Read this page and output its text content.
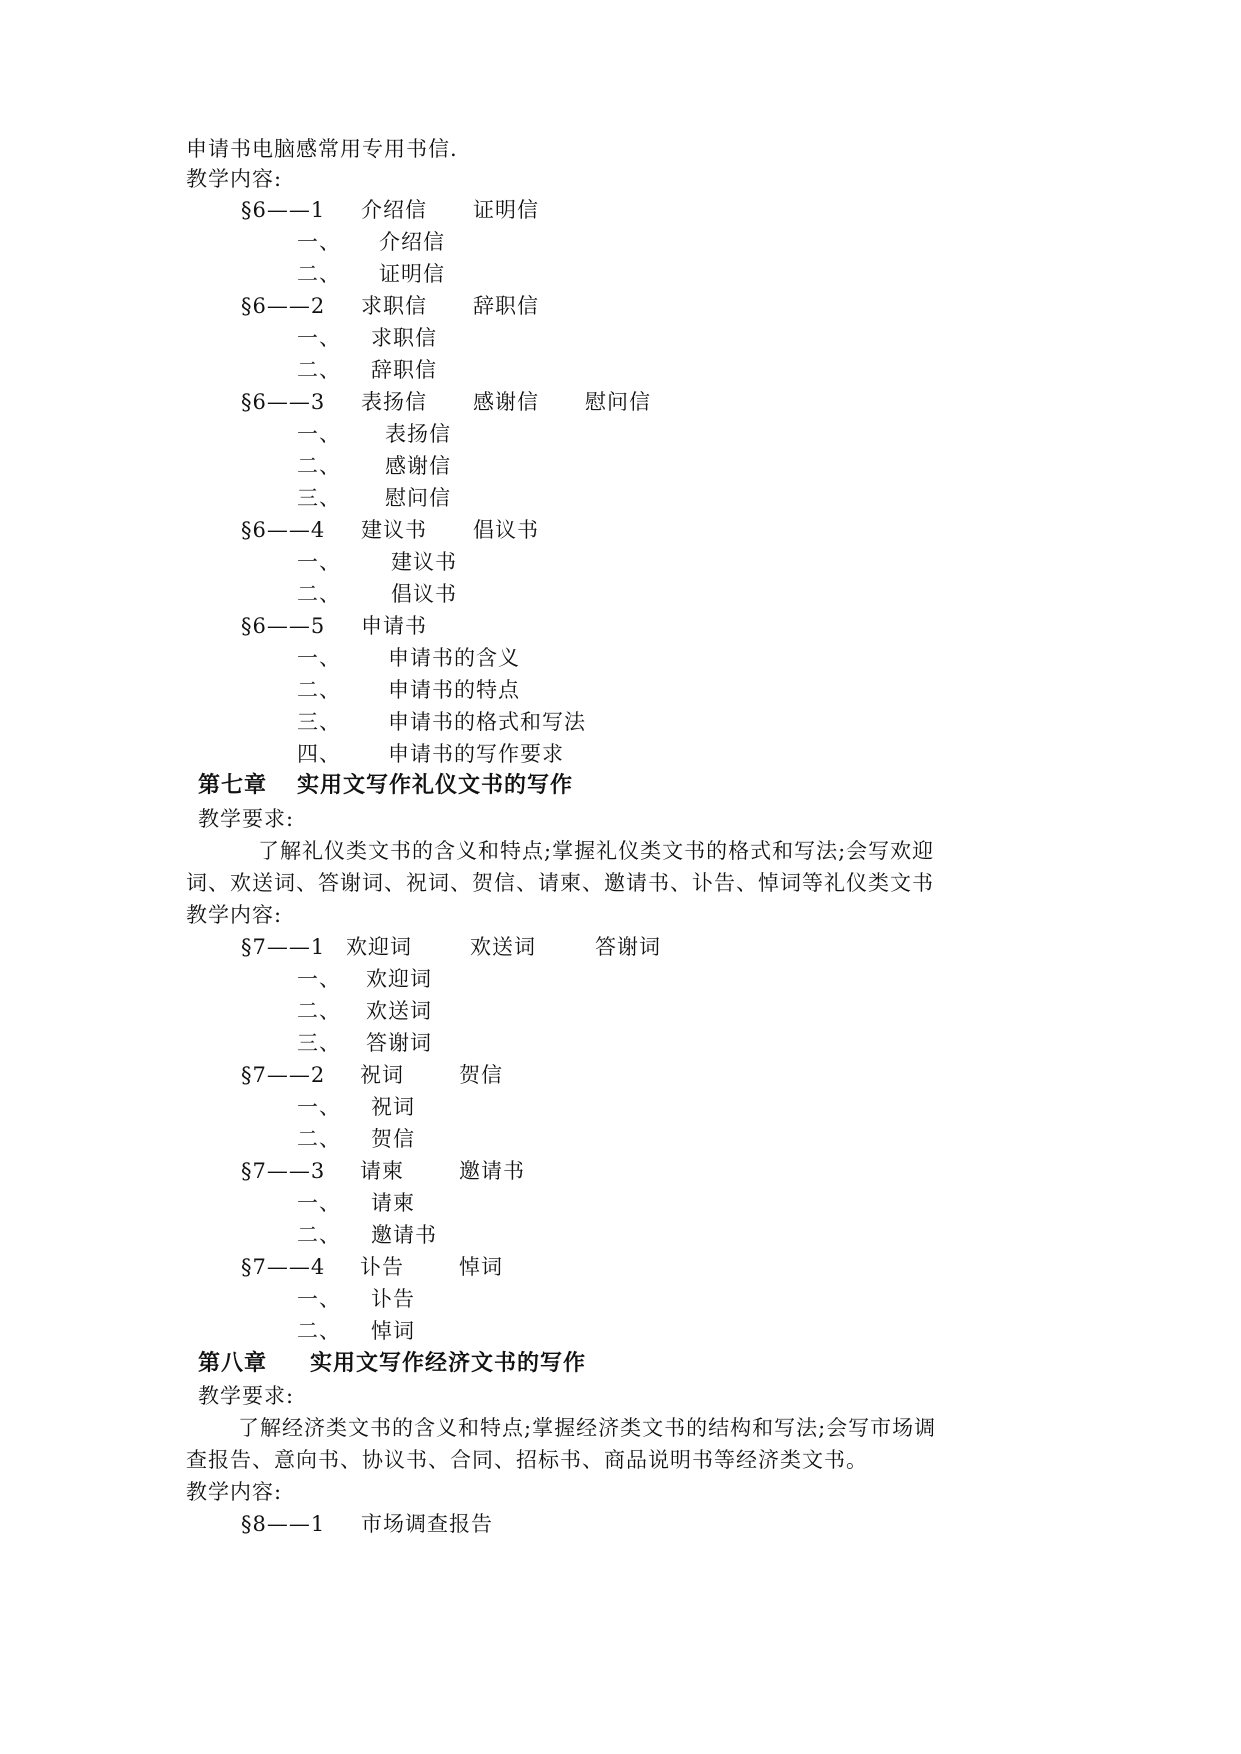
申请书电脑感常用专用书信.
教学内容:
§6——1 介绍信 证明信
一、 介绍信
二、 证明信
§6——2 求职信 辞职信
一、 求职信
二、 辞职信
§6——3 表扬信 感谢信 慰问信
一、 表扬信
二、 感谢信
三、 慰问信
§6——4 建议书 倡议书
一、 建议书
二、 倡议书
§6——5 申请书
一、 申请书的含义
二、 申请书的特点
三、 申请书的格式和写法
四、 申请书的写作要求
第七章 实用文写作礼仪文书的写作
教学要求:
了解礼仪类文书的含义和特点;掌握礼仪类文书的格式和写法;会写欢迎
词、欢送词、答谢词、祝词、贺信、请柬、邀请书、讣告、悼词等礼仪类文书
教学内容:
§7——1 欢迎词	欢送词	答谢词
一、 欢迎词
二、 欢送词
三、 答谢词
§7——2 祝词	贺信
一、 祝词
二、 贺信
§7——3 请柬	邀请书
一、 请柬
二、 邀请书
§7——4 讣告	悼词
一、 讣告
二、 悼词
第八章 实用文写作经济文书的写作
教学要求:
了解经济类文书的含义和特点;掌握经济类文书的结构和写法;会写市场调
查报告、意向书、协议书、合同、招标书、商品说明书等经济类文书。
教学内容:
§8——1 市场调查报告
